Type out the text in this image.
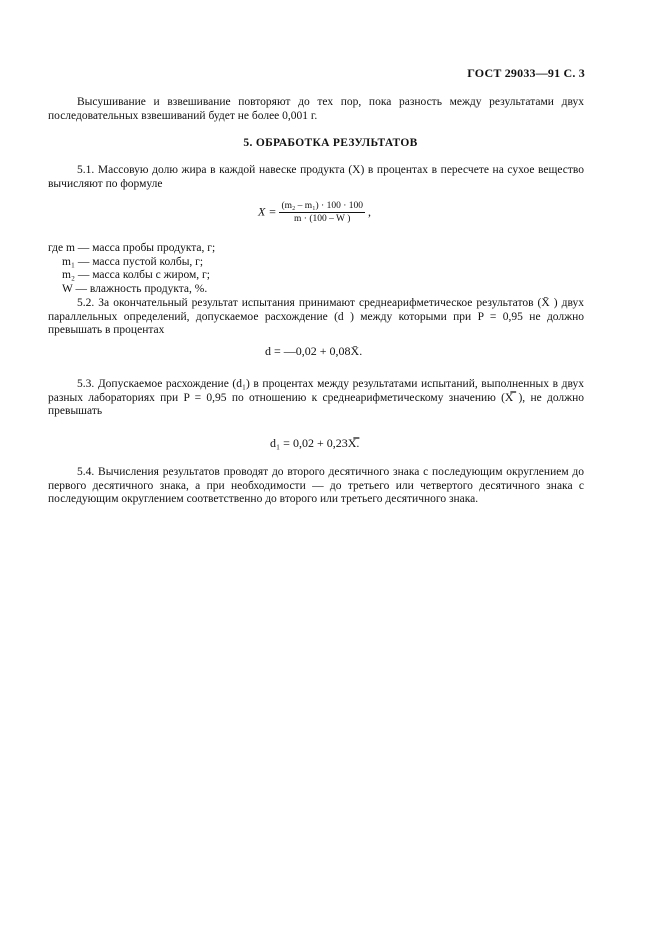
ГОСТ 29033—91 С. 3
Высушивание и взвешивание повторяют до тех пор, пока разность между результатами двух последовательных взвешиваний будет не более 0,001 г.
5. ОБРАБОТКА РЕЗУЛЬТАТОВ
5.1. Массовую долю жира в каждой навеске продукта (X) в процентах в пересчете на сухое вещество вычисляют по формуле
$X = \frac{\text{(m₂ – m₁) · 100 · 100}}{m \cdot (100 - W )}$ ,
где m — масса пробы продукта, г;
m₁ — масса пустой колбы, г;
m₂ — масса колбы с жиром, г;
W — влажность продукта, %.
5.2. За окончательный результат испытания принимают среднеарифметическое результатов (X̄ ) двух параллельных определений, допускаемое расхождение (d ) между которыми при P = 0,95 не должно превышать в процентах
d = —0,02 + 0,08X̄.
5.3. Допускаемое расхождение (d₁) в процентах между результатами испытаний, выполненных в двух разных лабораториях при P = 0,95 по отношению к среднеарифметическому значению (X̿ ), не должно превышать
d₁ = 0,02 + 0,23X̿.
5.4. Вычисления результатов проводят до второго десятичного знака с последующим округлением до первого десятичного знака, а при необходимости — до третьего или четвертого десятичного знака с последующим округлением соответственно до второго или третьего десятичного знака.
